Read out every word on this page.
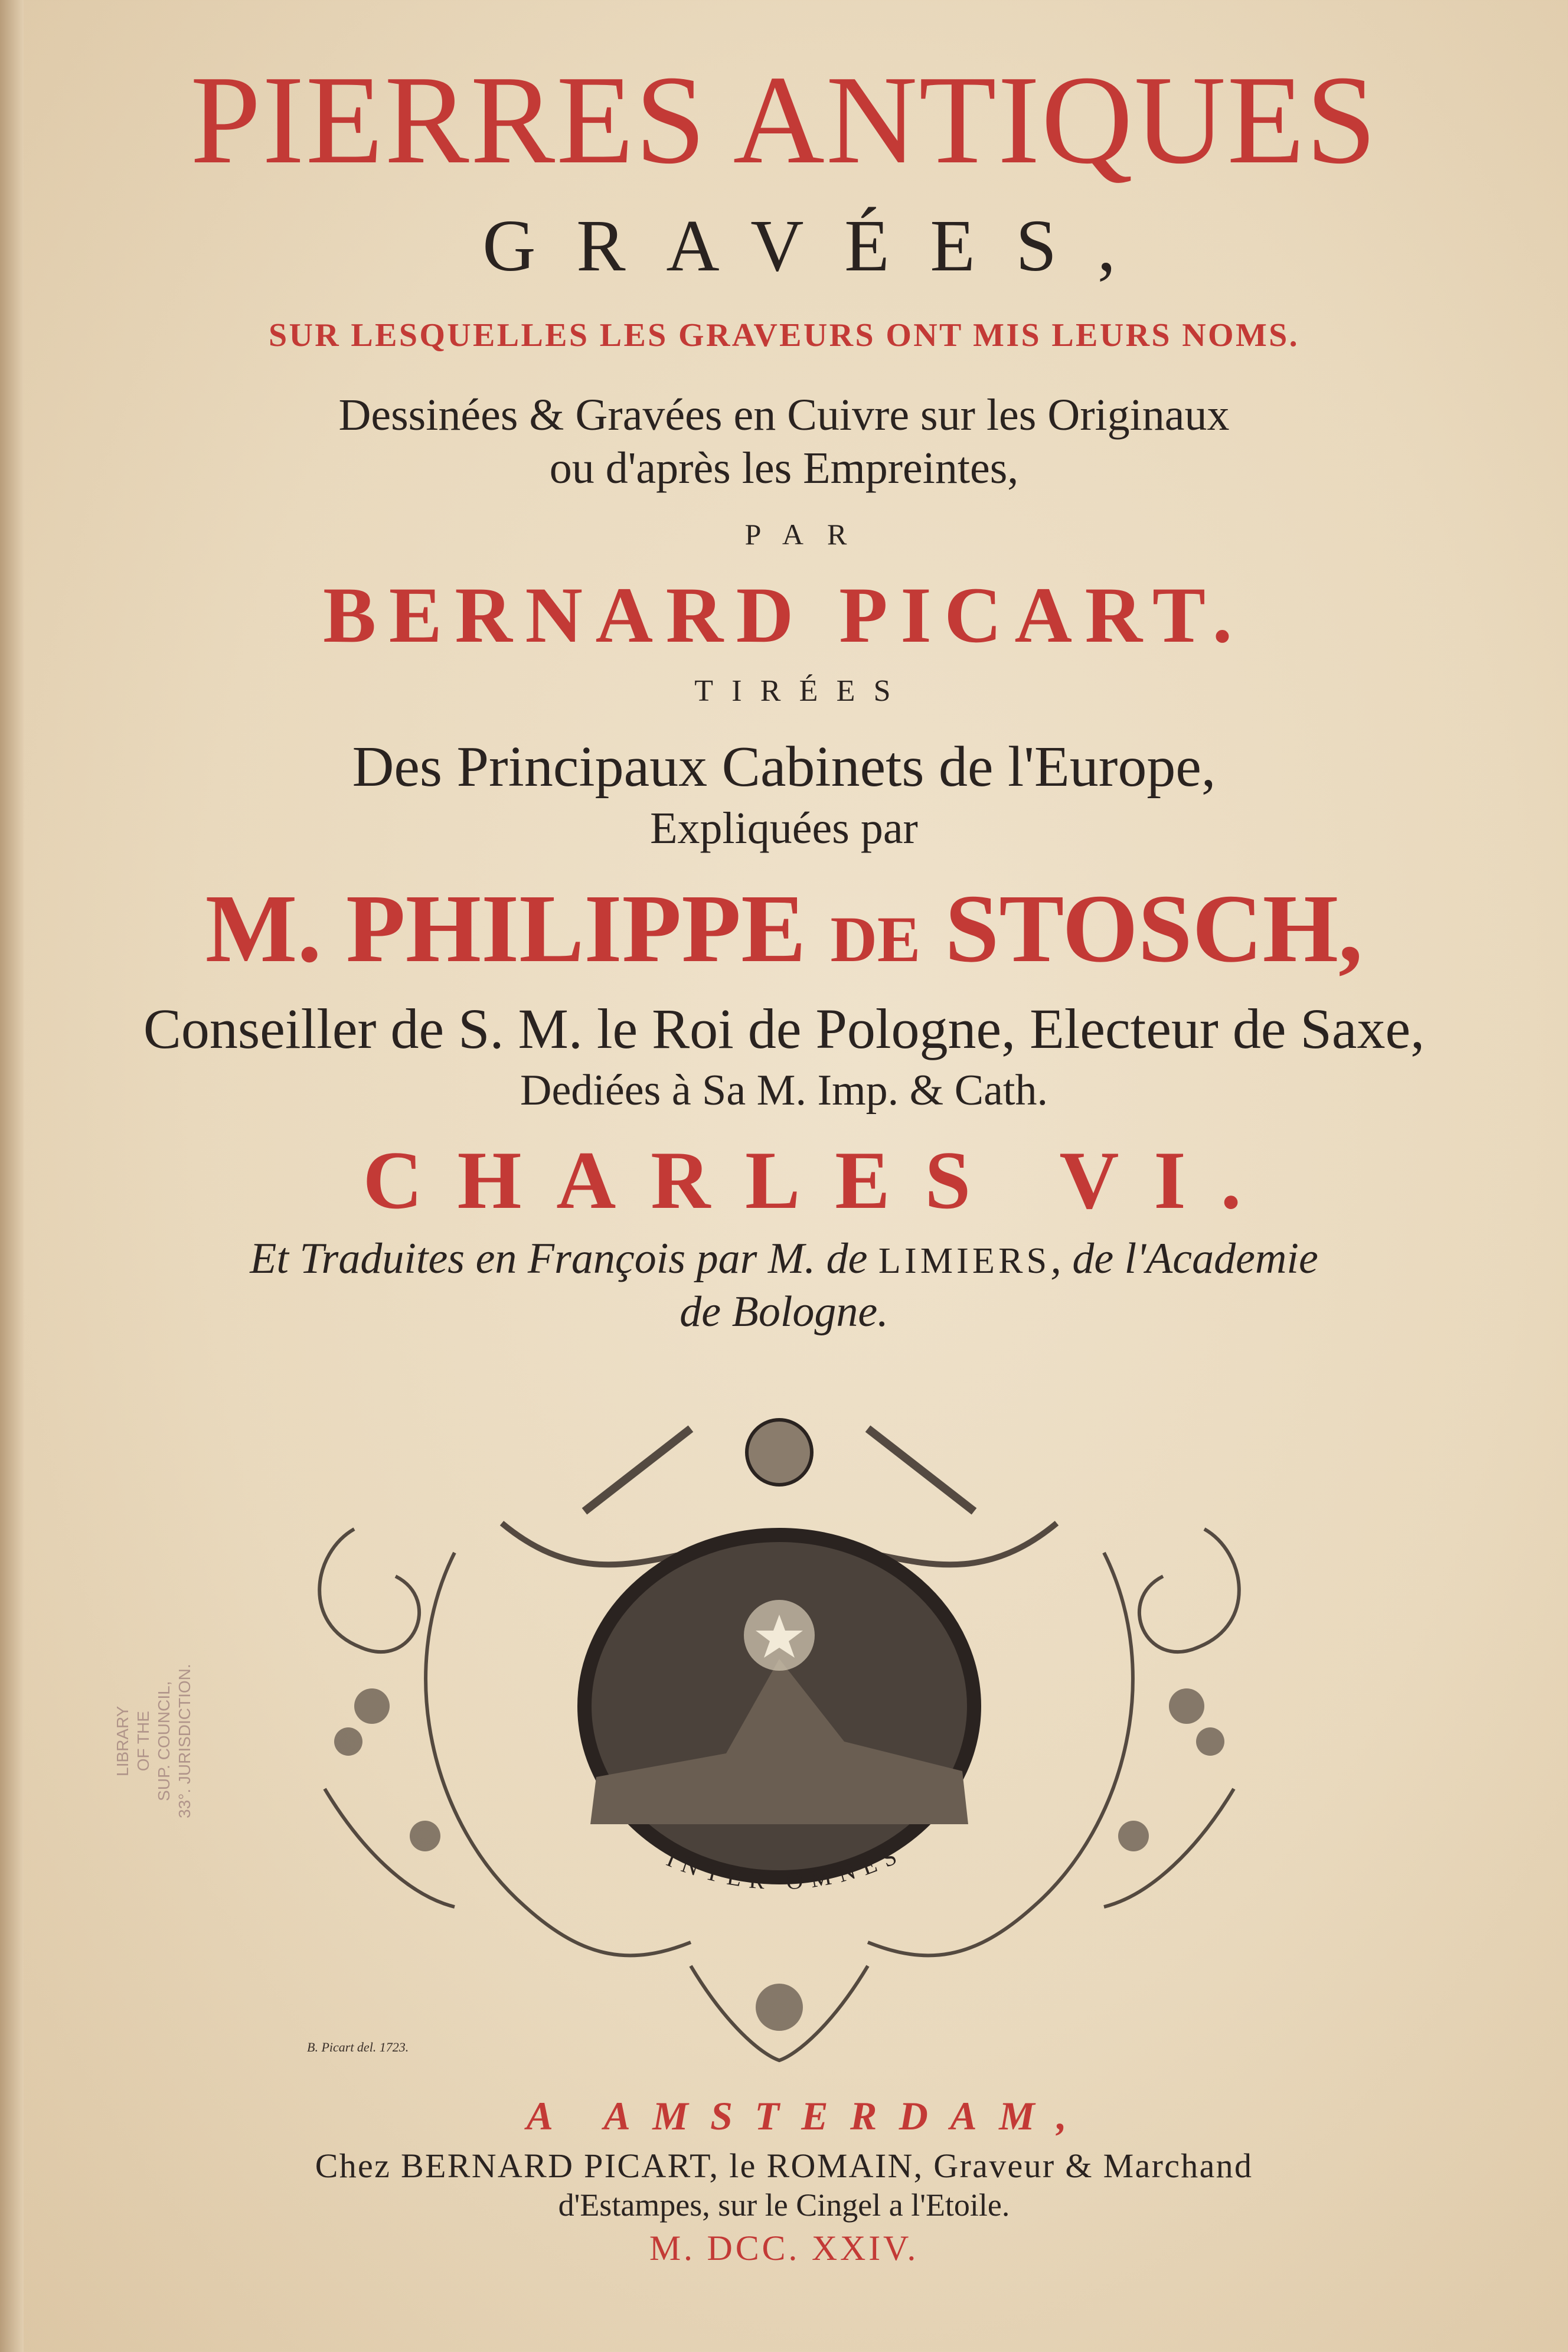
PIERRES ANTIQUES
GRAVÉES,
SUR LESQUELLES LES GRAVEURS ONT MIS LEURS NOMS.
Dessinées & Gravées en Cuivre sur les Originaux
ou d'après les Empreintes,
PAR
BERNARD PICART.
TIRÉES
Des Principaux Cabinets de l'Europe,
Expliquées par
M. PHILIPPE DE STOSCH,
Conseiller de S. M. le Roi de Pologne, Electeur de Saxe,
Dediées à Sa M. Imp. & Cath.
CHARLES VI.
Et Traduites en François par M. de LIMIERS, de l'Academie
de Bologne.
INTER OMNES
B. Picart del. 1723.
LIBRARY OF THE SUP. COUNCIL, 33°. JURISDICTION.
A AMSTERDAM,
Chez BERNARD PICART, le ROMAIN, Graveur & Marchand
d'Estampes, sur le Cingel a l'Etoile.
M. DCC. XXIV.
